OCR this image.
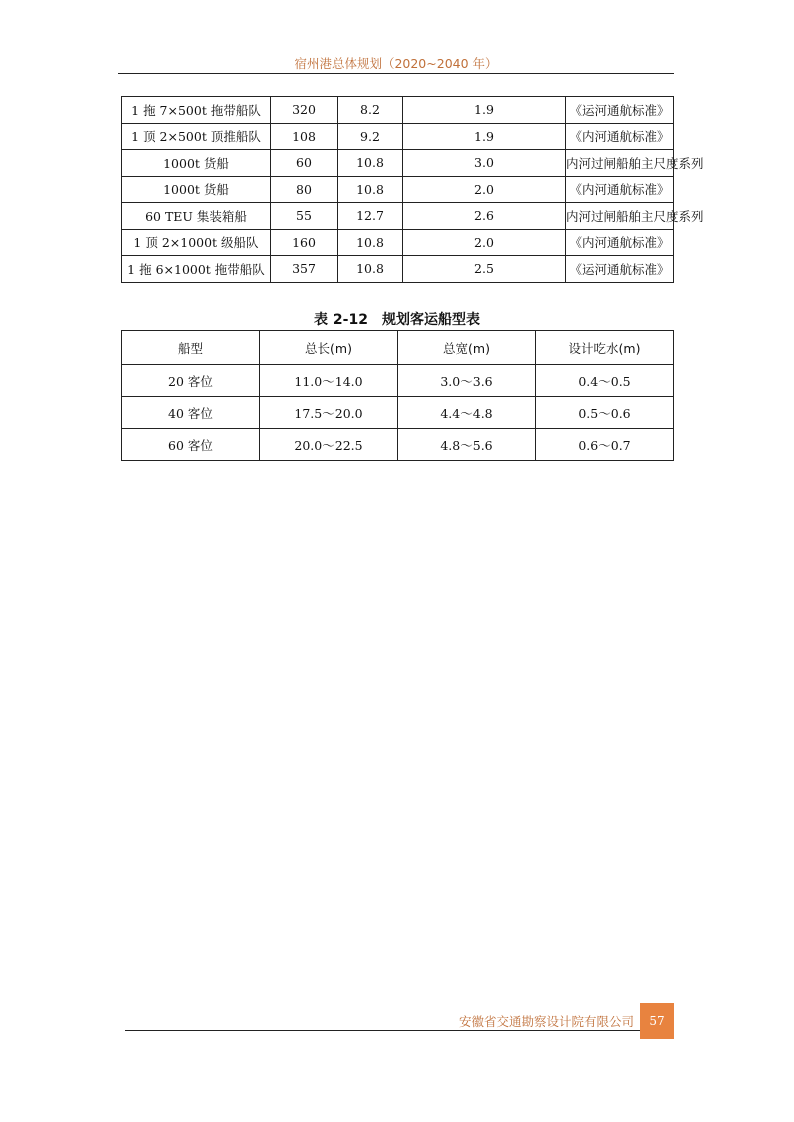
宿州港总体规划（2020~2040 年）
1 拖 7×500t 拖带船队	320	8.2	1.9	《运河通航标准》
1 顶 2×500t 顶推船队	108	9.2	1.9	《内河通航标准》
1000t 货船	60	10.8	3.0	内河过闸船舶主尺度系列
1000t 货船	80	10.8	2.0	《内河通航标准》
60 TEU 集装箱船	55	12.7	2.6	内河过闸船舶主尺度系列
1 顶 2×1000t 级船队	160	10.8	2.0	《内河通航标准》
1 拖 6×1000t 拖带船队	357	10.8	2.5	《运河通航标准》
表 2-12　规划客运船型表
船型	总长(m)	总宽(m)	设计吃水(m)
20 客位	11.0～14.0	3.0～3.6	0.4～0.5
40 客位	17.5～20.0	4.4～4.8	0.5～0.6
60 客位	20.0～22.5	4.8～5.6	0.6～0.7
安徽省交通勘察设计院有限公司	57
